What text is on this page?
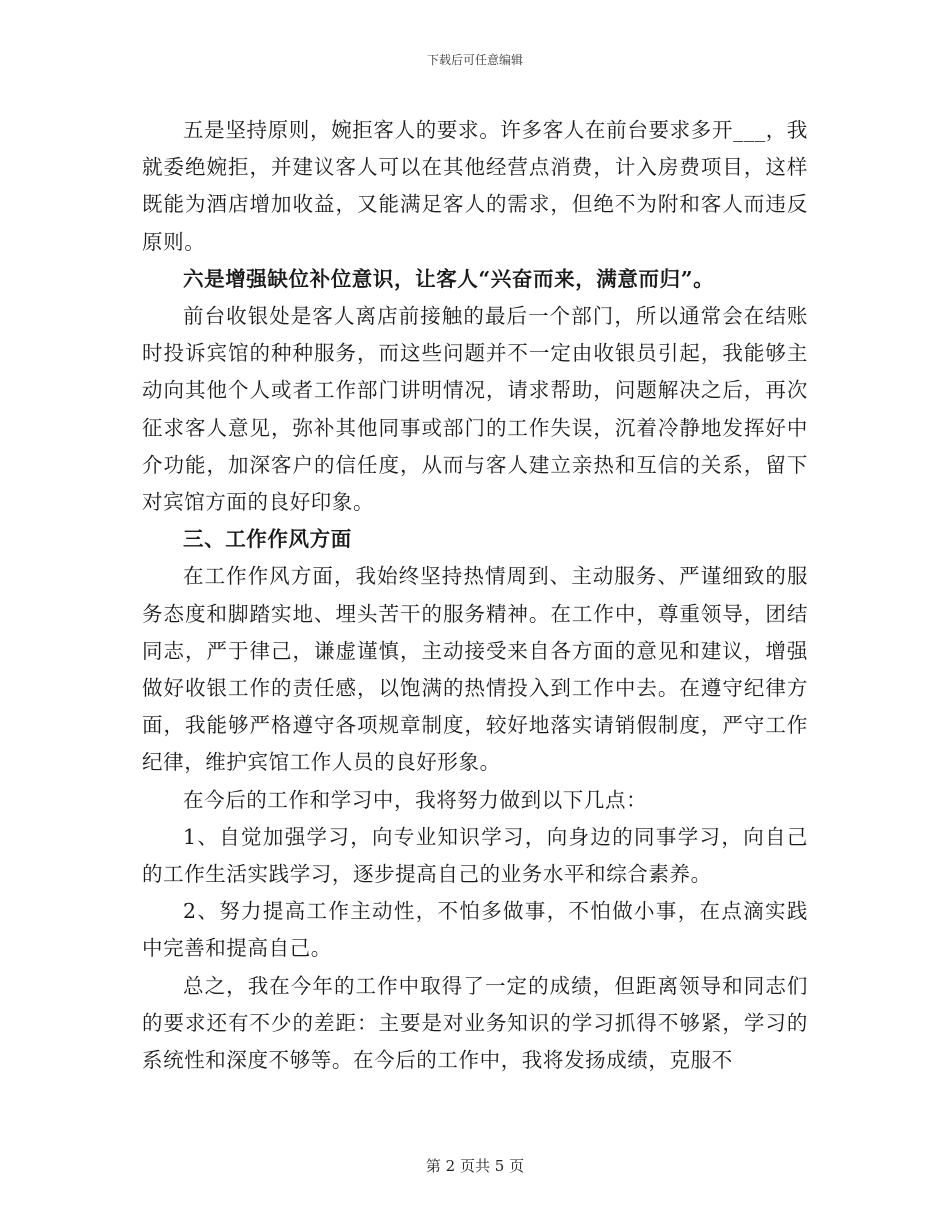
下载后可任意编辑

五是坚持原则，婉拒客人的要求。许多客人在前台要求多开___，我就委绝婉拒，并建议客人可以在其他经营点消费，计入房费项目，这样既能为酒店增加收益，又能满足客人的需求，但绝不为附和客人而违反原则。

六是增强缺位补位意识，让客人“兴奋而来，满意而归”。

前台收银处是客人离店前接触的最后一个部门，所以通常会在结账时投诉宾馆的种种服务，而这些问题并不一定由收银员引起，我能够主动向其他个人或者工作部门讲明情况，请求帮助，问题解决之后，再次征求客人意见，弥补其他同事或部门的工作失误，沉着冷静地发挥好中介功能，加深客户的信任度，从而与客人建立亲热和互信的关系，留下对宾馆方面的良好印象。

三、工作作风方面

在工作作风方面，我始终坚持热情周到、主动服务、严谨细致的服务态度和脚踏实地、埋头苦干的服务精神。在工作中，尊重领导，团结同志，严于律己，谦虚谨慎，主动接受来自各方面的意见和建议，增强做好收银工作的责任感，以饱满的热情投入到工作中去。在遵守纪律方面，我能够严格遵守各项规章制度，较好地落实请销假制度，严守工作纪律，维护宾馆工作人员的良好形象。

在今后的工作和学习中，我将努力做到以下几点：

1、自觉加强学习，向专业知识学习，向身边的同事学习，向自己的工作生活实践学习，逐步提高自己的业务水平和综合素养。

2、努力提高工作主动性，不怕多做事，不怕做小事，在点滴实践中完善和提高自己。

总之，我在今年的工作中取得了一定的成绩，但距离领导和同志们的要求还有不少的差距：主要是对业务知识的学习抓得不够紧，学习的系统性和深度不够等。在今后的工作中，我将发扬成绩，克服不

第 2 页共 5 页
